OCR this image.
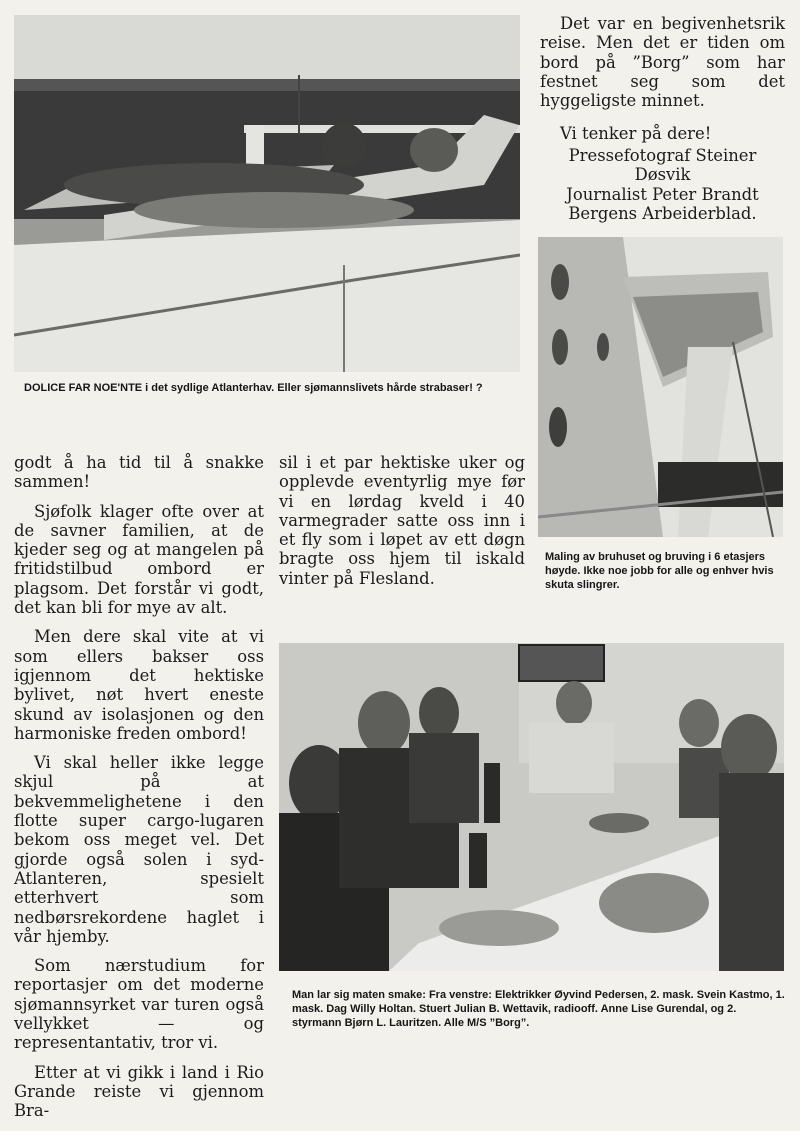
DOLICE FAR NOE'NTE i det sydlige Atlanterhav. Eller sjømannslivets hårde strabaser! ?

Det var en begivenhetsrik reise. Men det er tiden om bord på ”Borg” som har festnet seg som det hyggeligste minnet.

Vi tenker på dere!
Pressefotograf Steiner Døsvik
Journalist Peter Brandt
Bergens Arbeiderblad.
Maling av bruhuset og bruving i 6 etasjers høyde. Ikke noe jobb for alle og enhver hvis skuta slingrer.

godt å ha tid til å snakke sammen!

Sjøfolk klager ofte over at de savner familien, at de kjeder seg og at mangelen på fritidstilbud ombord er plagsom. Det forstår vi godt, det kan bli for mye av alt.

Men dere skal vite at vi som ellers bakser oss igjennom det hektiske bylivet, nøt hvert eneste skund av isolasjonen og den harmoniske freden ombord!

Vi skal heller ikke legge skjul på at bekvemmelighetene i den flotte super cargo-lugaren bekom oss meget vel. Det gjorde også solen i syd-Atlanteren, spesielt etterhvert som nedbørsrekordene haglet i vår hjemby.

Som nærstudium for reportasjer om det moderne sjømannsyrket var turen også vellykket — og representantativ, tror vi.

Etter at vi gikk i land i Rio Grande reiste vi gjennom Bra-

sil i et par hektiske uker og opplevde eventyrlig mye før vi en lørdag kveld i 40 varmegrader satte oss inn i et fly som i løpet av ett døgn bragte oss hjem til iskald vinter på Flesland.

Man lar sig maten smake: Fra venstre: Elektrikker Øyvind Pedersen, 2. mask. Svein Kastmo, 1. mask. Dag Willy Holtan. Stuert Julian B. Wettavik, radiooff. Anne Lise Gurendal, og 2. styrmann Bjørn L. Lauritzen. Alle M/S ”Borg”.
